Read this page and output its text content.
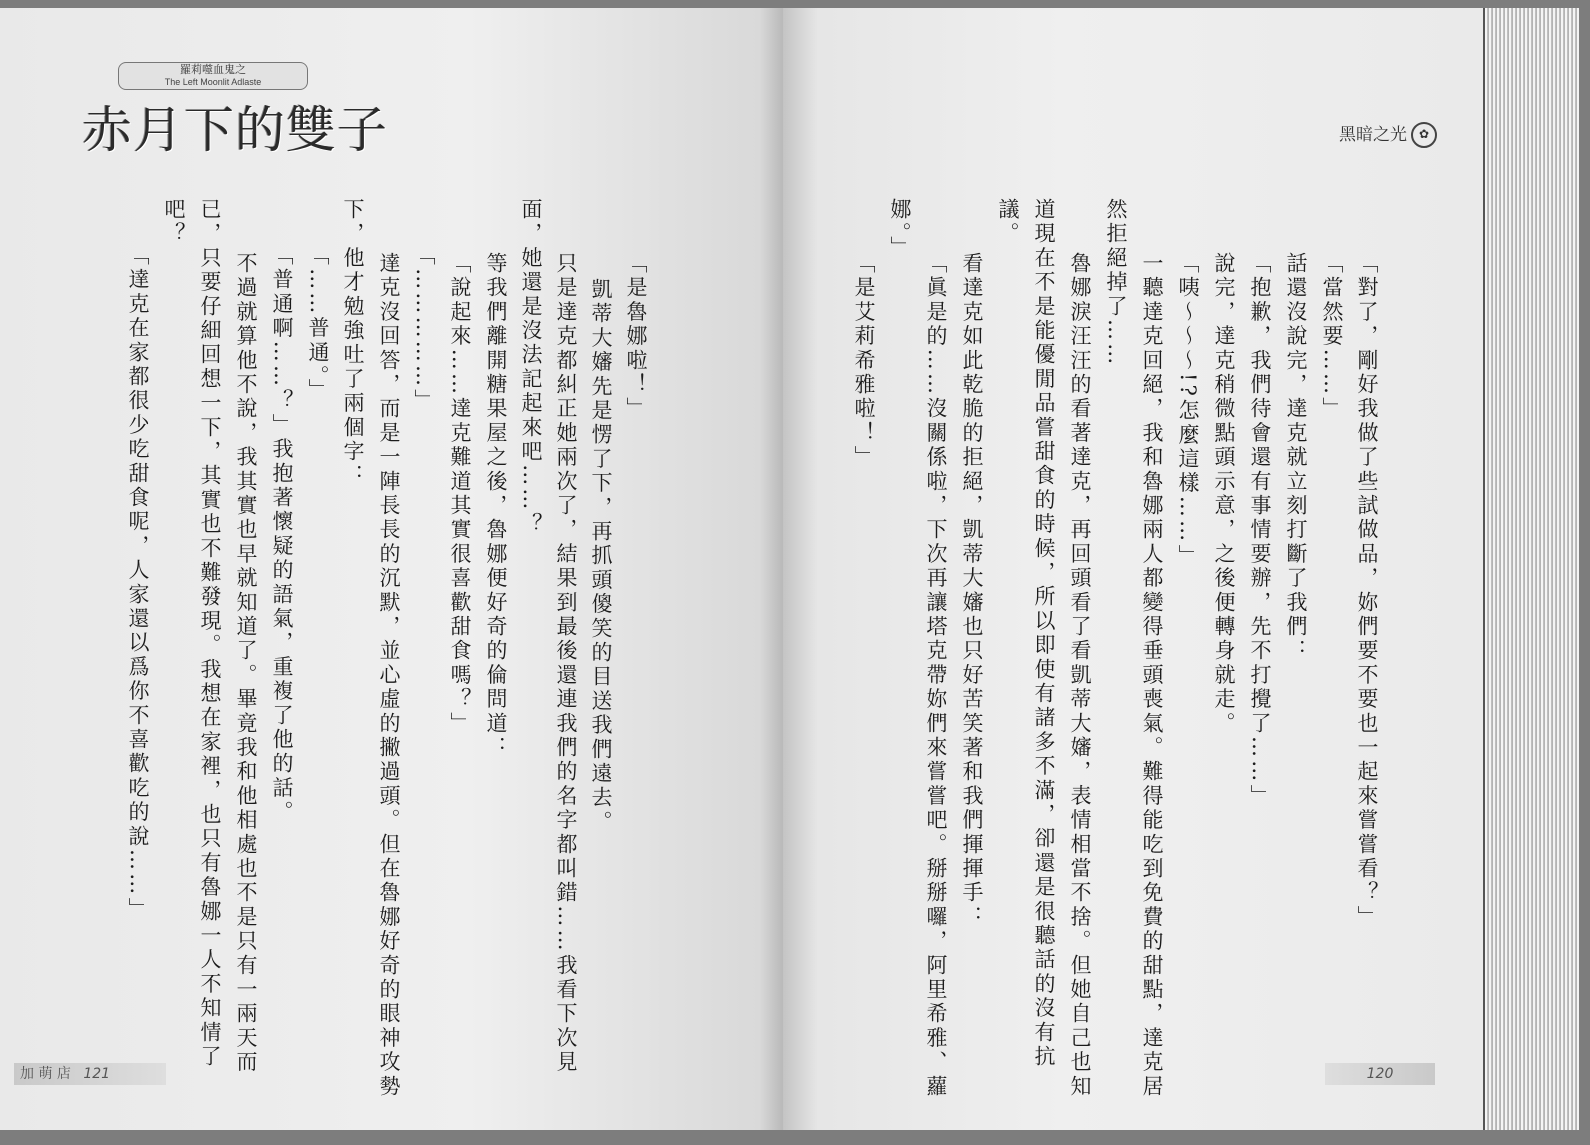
羅莉噬血鬼之
The Left Moonlit Adlaste
赤月下的雙子
「是魯娜啦！」
凱蒂大嬸先是愣了下，再抓頭傻笑的目送我們遠去。
只是達克都糾正她兩次了，結果到最後還連我們的名字都叫錯……我看下次見
面，她還是沒法記起來吧……？
等我們離開糖果屋之後，魯娜便好奇的倫問道：
「說起來……達克難道其實很喜歡甜食嗎？」
「……………」
達克沒回答，而是一陣長長的沉默，並心虛的撇過頭。但在魯娜好奇的眼神攻勢
下，他才勉強吐了兩個字：
「……普通。」
「普通啊……？」我抱著懷疑的語氣，重複了他的話。
不過就算他不說，我其實也早就知道了。畢竟我和他相處也不是只有一兩天而
已，只要仔細回想一下，其實也不難發現。我想在家裡，也只有魯娜一人不知情了
吧？
「達克在家都很少吃甜食呢，人家還以爲你不喜歡吃的說……」
加 萌 店 121
黑暗之光 ✿
「對了，剛好我做了些試做品，妳們要不要也一起來嘗嘗看？」
「當然要……」
話還沒說完，達克就立刻打斷了我們：
「抱歉，我們待會還有事情要辦，先不打攪了……」
說完，達克稍微點頭示意，之後便轉身就走。
「咦～～～!?怎麼這樣……」
一聽達克回絕，我和魯娜兩人都變得垂頭喪氣。難得能吃到免費的甜點，達克居
然拒絕掉了……
魯娜淚汪汪的看著達克，再回頭看了看凱蒂大嬸，表情相當不捨。但她自己也知
道現在不是能優閒品嘗甜食的時候，所以即使有諸多不滿，卻還是很聽話的沒有抗
議。
看達克如此乾脆的拒絕，凱蒂大嬸也只好苦笑著和我們揮揮手：
「眞是的……沒關係啦，下次再讓塔克帶妳們來嘗嘗吧。掰掰囉，阿里希雅、蘿
娜。」
「是艾莉希雅啦！」
120
